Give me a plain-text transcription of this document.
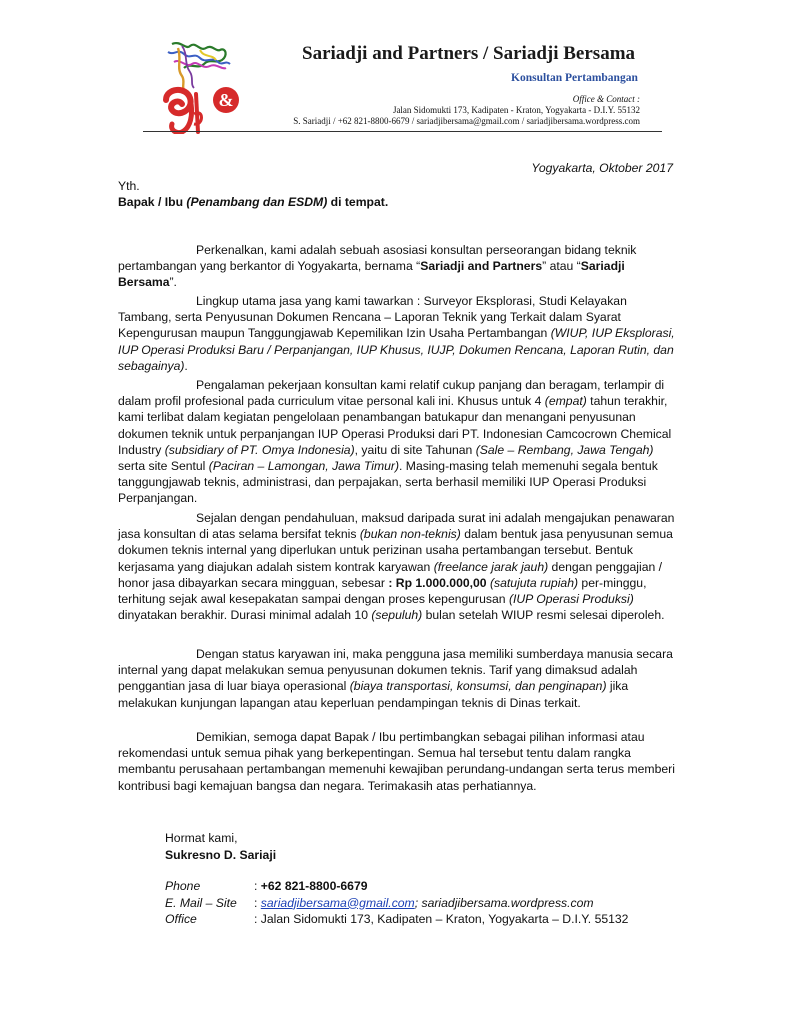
&
Sariadji and Partners / Sariadji Bersama
Konsultan Pertambangan
Office & Contact :
Jalan Sidomukti 173, Kadipaten - Kraton, Yogyakarta - D.I.Y. 55132
S. Sariadji / +62 821-8800-6679 / sariadjibersama@gmail.com / sariadjibersama.wordpress.com
Yogyakarta, Oktober 2017
Yth.
Bapak / Ibu (Penambang dan ESDM) di tempat.

Perkenalkan, kami adalah sebuah asosiasi konsultan perseorangan bidang teknik pertambangan yang berkantor di Yogyakarta, bernama “Sariadji and Partners” atau “Sariadji Bersama”.

Lingkup utama jasa yang kami tawarkan : Surveyor Eksplorasi, Studi Kelayakan Tambang, serta Penyusunan Dokumen Rencana – Laporan Teknik yang Terkait dalam Syarat Kepengurusan maupun Tanggungjawab Kepemilikan Izin Usaha Pertambangan (WIUP, IUP Eksplorasi, IUP Operasi Produksi Baru / Perpanjangan, IUP Khusus, IUJP, Dokumen Rencana, Laporan Rutin, dan sebagainya).

Pengalaman pekerjaan konsultan kami relatif cukup panjang dan beragam, terlampir di dalam profil profesional pada curriculum vitae personal kali ini. Khusus untuk 4 (empat) tahun terakhir, kami terlibat dalam kegiatan pengelolaan penambangan batukapur dan menangani penyusunan dokumen teknik untuk perpanjangan IUP Operasi Produksi dari PT. Indonesian Camcocrown Chemical Industry (subsidiary of PT. Omya Indonesia), yaitu di site Tahunan (Sale – Rembang, Jawa Tengah) serta site Sentul (Paciran – Lamongan, Jawa Timur). Masing-masing telah memenuhi segala bentuk tanggungjawab teknis, administrasi, dan perpajakan, serta berhasil memiliki IUP Operasi Produksi Perpanjangan.

Sejalan dengan pendahuluan, maksud daripada surat ini adalah mengajukan penawaran jasa konsultan di atas selama bersifat teknis (bukan non-teknis) dalam bentuk jasa penyusunan semua dokumen teknis internal yang diperlukan untuk perizinan usaha pertambangan tersebut. Bentuk kerjasama yang diajukan adalah sistem kontrak karyawan (freelance jarak jauh) dengan penggajian / honor jasa dibayarkan secara mingguan, sebesar : Rp 1.000.000,00 (satujuta rupiah) per-minggu, terhitung sejak awal kesepakatan sampai dengan proses kepengurusan (IUP Operasi Produksi) dinyatakan berakhir. Durasi minimal adalah 10 (sepuluh) bulan setelah WIUP resmi selesai diperoleh.

Dengan status karyawan ini, maka pengguna jasa memiliki sumberdaya manusia secara internal yang dapat melakukan semua penyusunan dokumen teknis. Tarif yang dimaksud adalah penggantian jasa di luar biaya operasional (biaya transportasi, konsumsi, dan penginapan) jika melakukan kunjungan lapangan atau keperluan pendampingan teknis di Dinas terkait.

Demikian, semoga dapat Bapak / Ibu pertimbangkan sebagai pilihan informasi atau rekomendasi untuk semua pihak yang berkepentingan. Semua hal tersebut tentu dalam rangka membantu perusahaan pertambangan memenuhi kewajiban perundang-undangan serta terus memberi kontribusi bagi kemajuan bangsa dan negara. Terimakasih atas perhatiannya.

Hormat kami,
Sukresno D. Sariaji
Phone	: +62 821-8800-6679
E. Mail – Site : sariadjibersama@gmail.com; sariadjibersama.wordpress.com
Office	: Jalan Sidomukti 173, Kadipaten – Kraton, Yogyakarta – D.I.Y. 55132
